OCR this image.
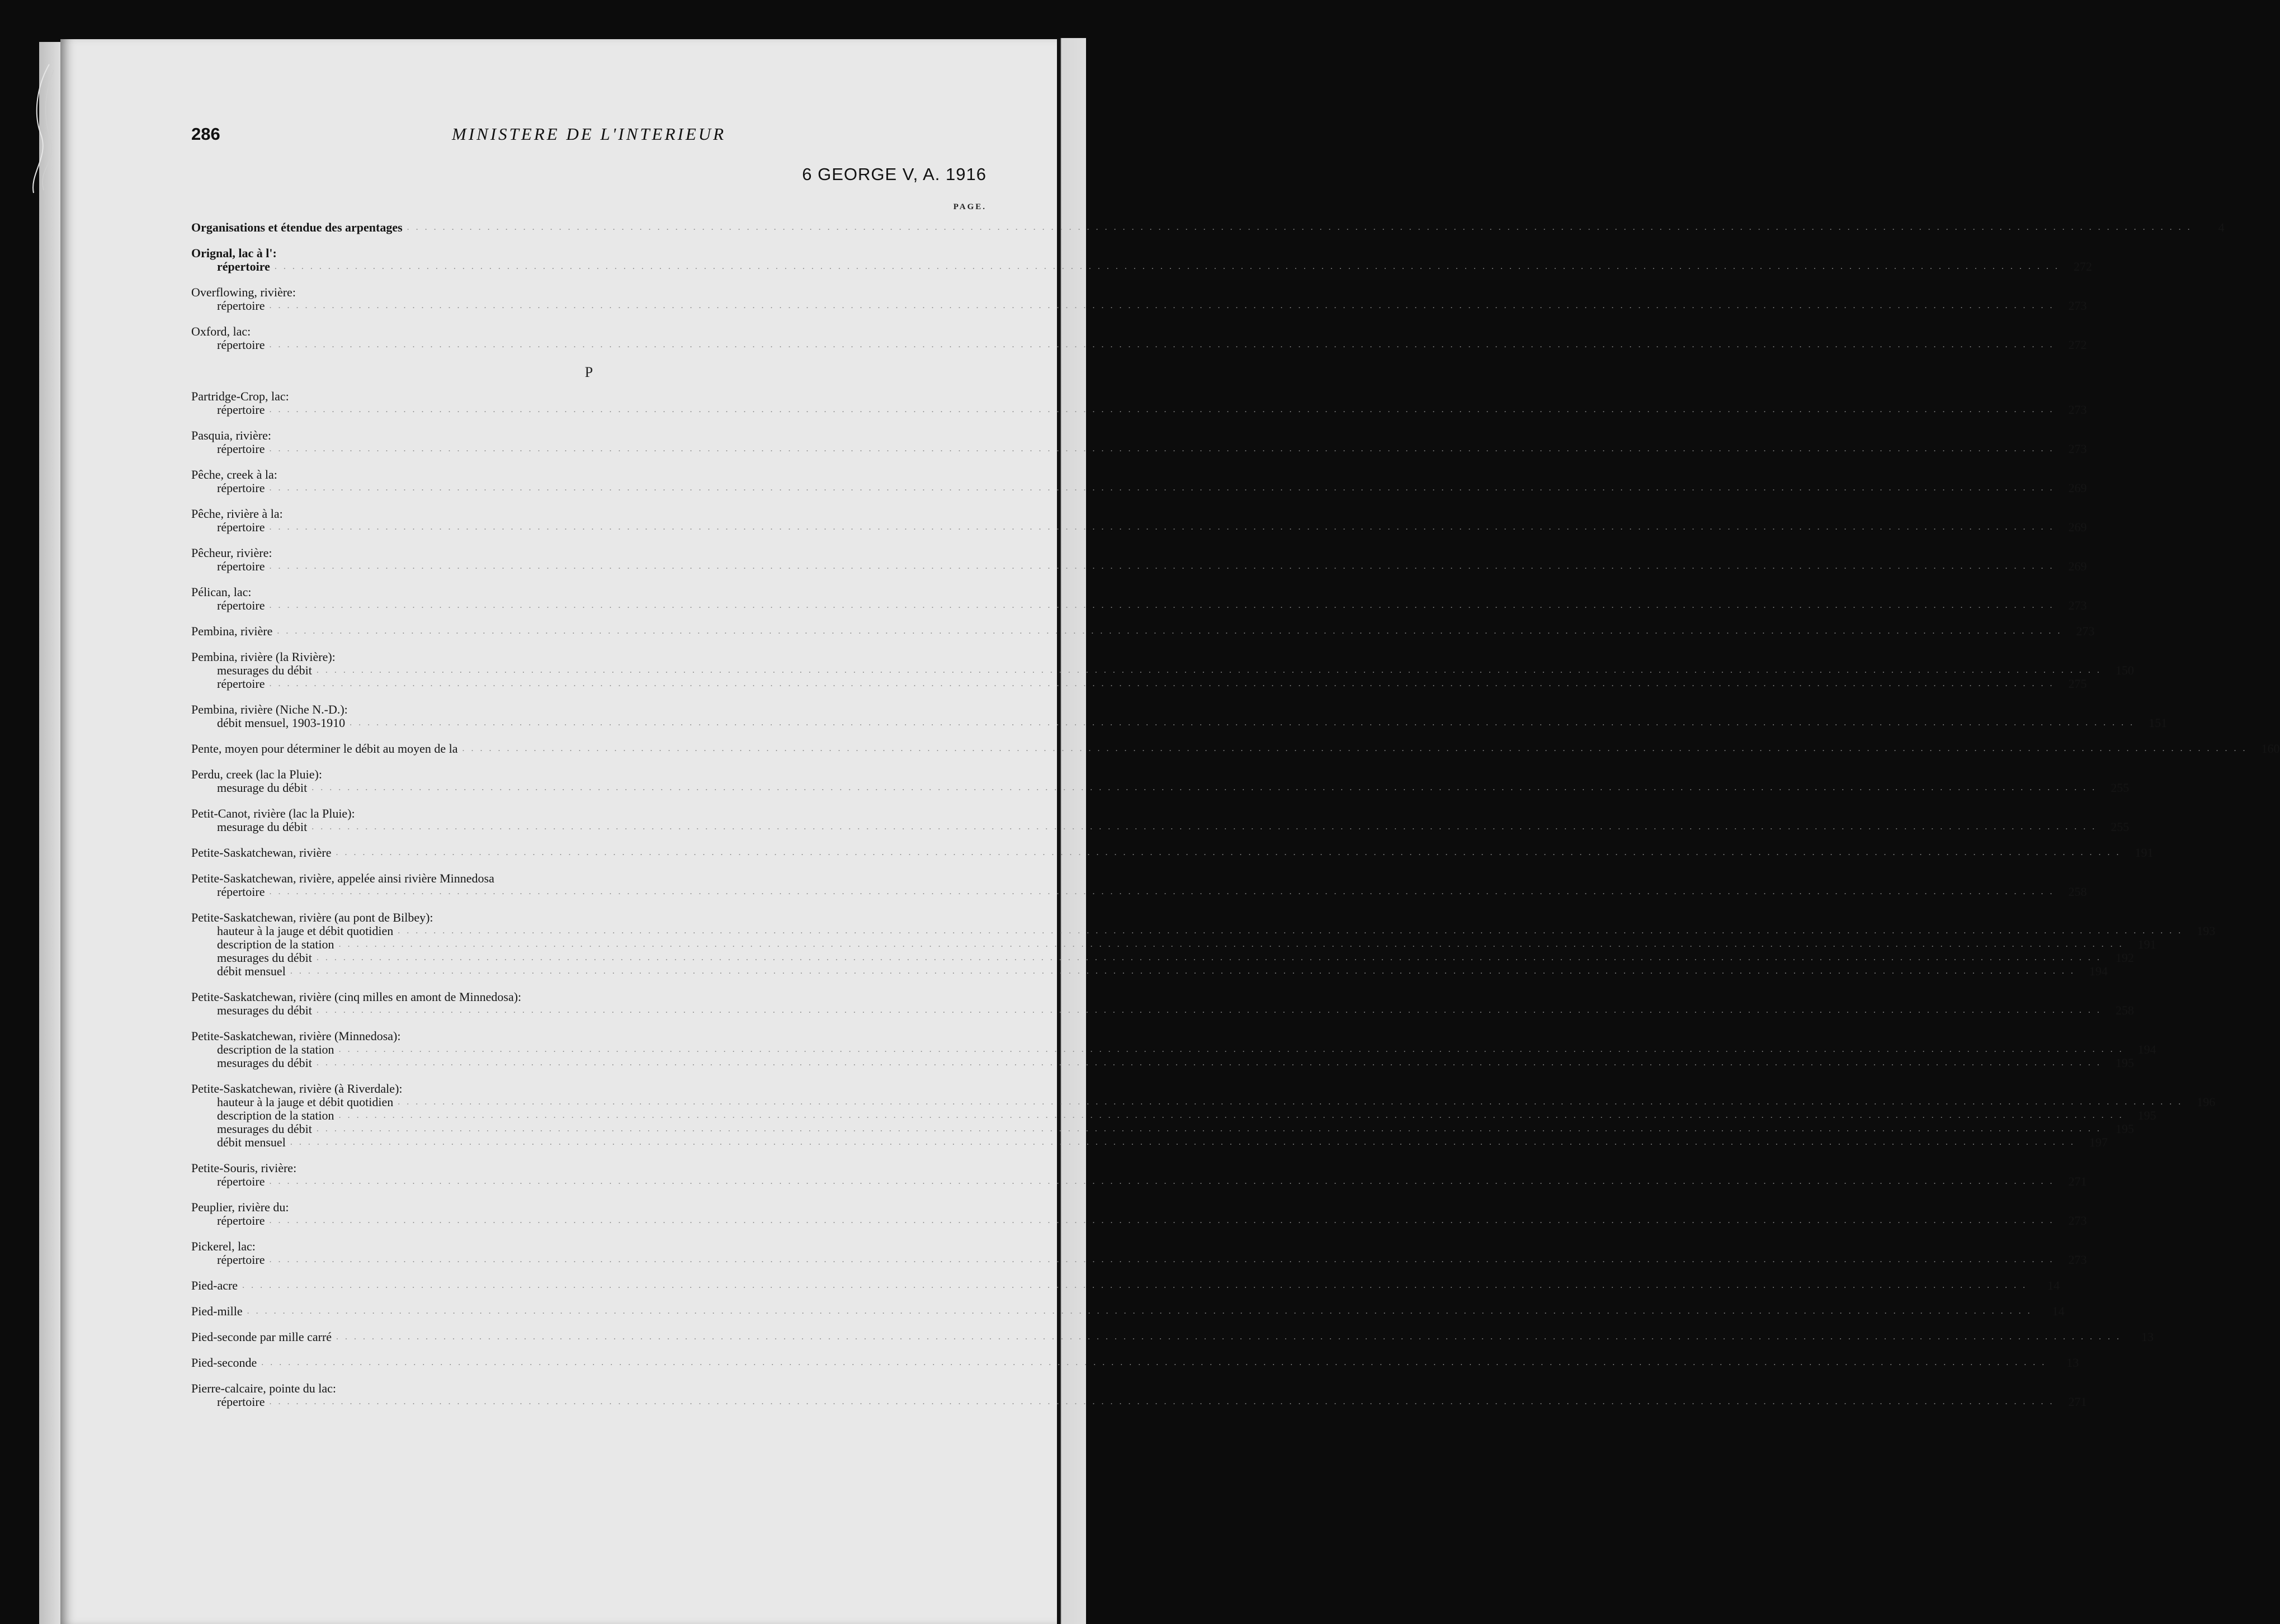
286	MINISTERE DE L'INTERIEUR
6 GEORGE V, A. 1916
PAGE.
Organisations et étendue des arpentages . . . . . . . . . . . . . . . . . . . . . . . . . . . . . . . . . . . . . . . . . . . . . . . . . . . . . . . . . . . . . . . . . . . . . . . . . . . . . . . . . . . . . . . . . . . . . . . . . . . . . . . . . . . . . . . . . . . . . . . . . . . . . . . . . . . . . . . . . . . . . . . . . . . . . . . . . . . . . . . . . . . . . . . . . . . . . . . . . . . . . . . . . . . . . . . . . . . . . . . .	4
Orignal, lac à l':
répertoire . . . . . . . . . . . . . . . . . . . . . . . . . . . . . . . . . . . . . . . . . . . . . . . . . . . . . . . . . . . . . . . . . . . . . . . . . . . . . . . . . . . . . . . . . . . . . . . . . . . . . . . . . . . . . . . . . . . . . . . . . . . . . . . . . . . . . . . . . . . . . . . . . . . . . . . . . . . . . . . . . . . . . . . . . . . . . . . . . . . . . . . . . . . . . . . . . . . . . . . .	272
Overflowing, rivière:
répertoire . . . . . . . . . . . . . . . . . . . . . . . . . . . . . . . . . . . . . . . . . . . . . . . . . . . . . . . . . . . . . . . . . . . . . . . . . . . . . . . . . . . . . . . . . . . . . . . . . . . . . . . . . . . . . . . . . . . . . . . . . . . . . . . . . . . . . . . . . . . . . . . . . . . . . . . . . . . . . . . . . . . . . . . . . . . . . . . . . . . . . . . . . . . . . . . . . . . . . . . .	273
Oxford, lac:
répertoire . . . . . . . . . . . . . . . . . . . . . . . . . . . . . . . . . . . . . . . . . . . . . . . . . . . . . . . . . . . . . . . . . . . . . . . . . . . . . . . . . . . . . . . . . . . . . . . . . . . . . . . . . . . . . . . . . . . . . . . . . . . . . . . . . . . . . . . . . . . . . . . . . . . . . . . . . . . . . . . . . . . . . . . . . . . . . . . . . . . . . . . . . . . . . . . . . . . . . . . .	272
P
Partridge-Crop, lac:
répertoire . . . . . . . . . . . . . . . . . . . . . . . . . . . . . . . . . . . . . . . . . . . . . . . . . . . . . . . . . . . . . . . . . . . . . . . . . . . . . . . . . . . . . . . . . . . . . . . . . . . . . . . . . . . . . . . . . . . . . . . . . . . . . . . . . . . . . . . . . . . . . . . . . . . . . . . . . . . . . . . . . . . . . . . . . . . . . . . . . . . . . . . . . . . . . . . . . . . . . . . .	273
Pasquia, rivière:
répertoire . . . . . . . . . . . . . . . . . . . . . . . . . . . . . . . . . . . . . . . . . . . . . . . . . . . . . . . . . . . . . . . . . . . . . . . . . . . . . . . . . . . . . . . . . . . . . . . . . . . . . . . . . . . . . . . . . . . . . . . . . . . . . . . . . . . . . . . . . . . . . . . . . . . . . . . . . . . . . . . . . . . . . . . . . . . . . . . . . . . . . . . . . . . . . . . . . . . . . . . .	273
Pêche, creek à la:
répertoire . . . . . . . . . . . . . . . . . . . . . . . . . . . . . . . . . . . . . . . . . . . . . . . . . . . . . . . . . . . . . . . . . . . . . . . . . . . . . . . . . . . . . . . . . . . . . . . . . . . . . . . . . . . . . . . . . . . . . . . . . . . . . . . . . . . . . . . . . . . . . . . . . . . . . . . . . . . . . . . . . . . . . . . . . . . . . . . . . . . . . . . . . . . . . . . . . . . . . . . .	269
Pêche, rivière à la:
répertoire . . . . . . . . . . . . . . . . . . . . . . . . . . . . . . . . . . . . . . . . . . . . . . . . . . . . . . . . . . . . . . . . . . . . . . . . . . . . . . . . . . . . . . . . . . . . . . . . . . . . . . . . . . . . . . . . . . . . . . . . . . . . . . . . . . . . . . . . . . . . . . . . . . . . . . . . . . . . . . . . . . . . . . . . . . . . . . . . . . . . . . . . . . . . . . . . . . . . . . . .	269
Pêcheur, rivière:
répertoire . . . . . . . . . . . . . . . . . . . . . . . . . . . . . . . . . . . . . . . . . . . . . . . . . . . . . . . . . . . . . . . . . . . . . . . . . . . . . . . . . . . . . . . . . . . . . . . . . . . . . . . . . . . . . . . . . . . . . . . . . . . . . . . . . . . . . . . . . . . . . . . . . . . . . . . . . . . . . . . . . . . . . . . . . . . . . . . . . . . . . . . . . . . . . . . . . . . . . . . .	269
Pélican, lac:
répertoire . . . . . . . . . . . . . . . . . . . . . . . . . . . . . . . . . . . . . . . . . . . . . . . . . . . . . . . . . . . . . . . . . . . . . . . . . . . . . . . . . . . . . . . . . . . . . . . . . . . . . . . . . . . . . . . . . . . . . . . . . . . . . . . . . . . . . . . . . . . . . . . . . . . . . . . . . . . . . . . . . . . . . . . . . . . . . . . . . . . . . . . . . . . . . . . . . . . . . . . .	273
Pembina, rivière . . . . . . . . . . . . . . . . . . . . . . . . . . . . . . . . . . . . . . . . . . . . . . . . . . . . . . . . . . . . . . . . . . . . . . . . . . . . . . . . . . . . . . . . . . . . . . . . . . . . . . . . . . . . . . . . . . . . . . . . . . . . . . . . . . . . . . . . . . . . . . . . . . . . . . . . . . . . . . . . . . . . . . . . . . . . . . . . . . . . . . . . . . . . . . . . . . . . . . . .	273
Pembina, rivière (la Rivière):
mesurages du débit . . . . . . . . . . . . . . . . . . . . . . . . . . . . . . . . . . . . . . . . . . . . . . . . . . . . . . . . . . . . . . . . . . . . . . . . . . . . . . . . . . . . . . . . . . . . . . . . . . . . . . . . . . . . . . . . . . . . . . . . . . . . . . . . . . . . . . . . . . . . . . . . . . . . . . . . . . . . . . . . . . . . . . . . . . . . . . . . . . . . . . . . . . . . . . . . . . . . . . . .	150
répertoire . . . . . . . . . . . . . . . . . . . . . . . . . . . . . . . . . . . . . . . . . . . . . . . . . . . . . . . . . . . . . . . . . . . . . . . . . . . . . . . . . . . . . . . . . . . . . . . . . . . . . . . . . . . . . . . . . . . . . . . . . . . . . . . . . . . . . . . . . . . . . . . . . . . . . . . . . . . . . . . . . . . . . . . . . . . . . . . . . . . . . . . . . . . . . . . . . . . . . . . .	275
Pembina, rivière (Niche N.-D.):
débit mensuel, 1903-1910 . . . . . . . . . . . . . . . . . . . . . . . . . . . . . . . . . . . . . . . . . . . . . . . . . . . . . . . . . . . . . . . . . . . . . . . . . . . . . . . . . . . . . . . . . . . . . . . . . . . . . . . . . . . . . . . . . . . . . . . . . . . . . . . . . . . . . . . . . . . . . . . . . . . . . . . . . . . . . . . . . . . . . . . . . . . . . . . . . . . . . . . . . . . . . . . . . . . . . . . .	151
Pente, moyen pour déterminer le débit au moyen de la . . . . . . . . . . . . . . . . . . . . . . . . . . . . . . . . . . . . . . . . . . . . . . . . . . . . . . . . . . . . . . . . . . . . . . . . . . . . . . . . . . . . . . . . . . . . . . . . . . . . . . . . . . . . . . . . . . . . . . . . . . . . . . . . . . . . . . . . . . . . . . . . . . . . . . . . . . . . . . . . . . . . . . . . . . . . . . . . . . . . . . . . . . . . . . . . . . . . . . . .	160
Perdu, creek (lac la Pluie):
mesurage du débit . . . . . . . . . . . . . . . . . . . . . . . . . . . . . . . . . . . . . . . . . . . . . . . . . . . . . . . . . . . . . . . . . . . . . . . . . . . . . . . . . . . . . . . . . . . . . . . . . . . . . . . . . . . . . . . . . . . . . . . . . . . . . . . . . . . . . . . . . . . . . . . . . . . . . . . . . . . . . . . . . . . . . . . . . . . . . . . . . . . . . . . . . . . . . . . . . . . . . . . .	255
Petit-Canot, rivière (lac la Pluie):
mesurage du débit . . . . . . . . . . . . . . . . . . . . . . . . . . . . . . . . . . . . . . . . . . . . . . . . . . . . . . . . . . . . . . . . . . . . . . . . . . . . . . . . . . . . . . . . . . . . . . . . . . . . . . . . . . . . . . . . . . . . . . . . . . . . . . . . . . . . . . . . . . . . . . . . . . . . . . . . . . . . . . . . . . . . . . . . . . . . . . . . . . . . . . . . . . . . . . . . . . . . . . . .	255
Petite-Saskatchewan, rivière . . . . . . . . . . . . . . . . . . . . . . . . . . . . . . . . . . . . . . . . . . . . . . . . . . . . . . . . . . . . . . . . . . . . . . . . . . . . . . . . . . . . . . . . . . . . . . . . . . . . . . . . . . . . . . . . . . . . . . . . . . . . . . . . . . . . . . . . . . . . . . . . . . . . . . . . . . . . . . . . . . . . . . . . . . . . . . . . . . . . . . . . . . . . . . . . . . . . . . . .	191
Petite-Saskatchewan, rivière, appelée ainsi rivière Minnedosa
répertoire . . . . . . . . . . . . . . . . . . . . . . . . . . . . . . . . . . . . . . . . . . . . . . . . . . . . . . . . . . . . . . . . . . . . . . . . . . . . . . . . . . . . . . . . . . . . . . . . . . . . . . . . . . . . . . . . . . . . . . . . . . . . . . . . . . . . . . . . . . . . . . . . . . . . . . . . . . . . . . . . . . . . . . . . . . . . . . . . . . . . . . . . . . . . . . . . . . . . . . . .	258
Petite-Saskatchewan, rivière (au pont de Bilbey):
hauteur à la jauge et débit quotidien . . . . . . . . . . . . . . . . . . . . . . . . . . . . . . . . . . . . . . . . . . . . . . . . . . . . . . . . . . . . . . . . . . . . . . . . . . . . . . . . . . . . . . . . . . . . . . . . . . . . . . . . . . . . . . . . . . . . . . . . . . . . . . . . . . . . . . . . . . . . . . . . . . . . . . . . . . . . . . . . . . . . . . . . . . . . . . . . . . . . . . . . . . . . . . . . . . . . . . . .	193
description de la station . . . . . . . . . . . . . . . . . . . . . . . . . . . . . . . . . . . . . . . . . . . . . . . . . . . . . . . . . . . . . . . . . . . . . . . . . . . . . . . . . . . . . . . . . . . . . . . . . . . . . . . . . . . . . . . . . . . . . . . . . . . . . . . . . . . . . . . . . . . . . . . . . . . . . . . . . . . . . . . . . . . . . . . . . . . . . . . . . . . . . . . . . . . . . . . . . . . . . . . .	191
mesurages du débit . . . . . . . . . . . . . . . . . . . . . . . . . . . . . . . . . . . . . . . . . . . . . . . . . . . . . . . . . . . . . . . . . . . . . . . . . . . . . . . . . . . . . . . . . . . . . . . . . . . . . . . . . . . . . . . . . . . . . . . . . . . . . . . . . . . . . . . . . . . . . . . . . . . . . . . . . . . . . . . . . . . . . . . . . . . . . . . . . . . . . . . . . . . . . . . . . . . . . . . .	192
débit mensuel . . . . . . . . . . . . . . . . . . . . . . . . . . . . . . . . . . . . . . . . . . . . . . . . . . . . . . . . . . . . . . . . . . . . . . . . . . . . . . . . . . . . . . . . . . . . . . . . . . . . . . . . . . . . . . . . . . . . . . . . . . . . . . . . . . . . . . . . . . . . . . . . . . . . . . . . . . . . . . . . . . . . . . . . . . . . . . . . . . . . . . . . . . . . . . . . . . . . . . . .	194
Petite-Saskatchewan, rivière (cinq milles en amont de Minnedosa):
mesurages du débit . . . . . . . . . . . . . . . . . . . . . . . . . . . . . . . . . . . . . . . . . . . . . . . . . . . . . . . . . . . . . . . . . . . . . . . . . . . . . . . . . . . . . . . . . . . . . . . . . . . . . . . . . . . . . . . . . . . . . . . . . . . . . . . . . . . . . . . . . . . . . . . . . . . . . . . . . . . . . . . . . . . . . . . . . . . . . . . . . . . . . . . . . . . . . . . . . . . . . . . .	258
Petite-Saskatchewan, rivière (Minnedosa):
description de la station . . . . . . . . . . . . . . . . . . . . . . . . . . . . . . . . . . . . . . . . . . . . . . . . . . . . . . . . . . . . . . . . . . . . . . . . . . . . . . . . . . . . . . . . . . . . . . . . . . . . . . . . . . . . . . . . . . . . . . . . . . . . . . . . . . . . . . . . . . . . . . . . . . . . . . . . . . . . . . . . . . . . . . . . . . . . . . . . . . . . . . . . . . . . . . . . . . . . . . . .	194
mesurages du débit . . . . . . . . . . . . . . . . . . . . . . . . . . . . . . . . . . . . . . . . . . . . . . . . . . . . . . . . . . . . . . . . . . . . . . . . . . . . . . . . . . . . . . . . . . . . . . . . . . . . . . . . . . . . . . . . . . . . . . . . . . . . . . . . . . . . . . . . . . . . . . . . . . . . . . . . . . . . . . . . . . . . . . . . . . . . . . . . . . . . . . . . . . . . . . . . . . . . . . . .	195
Petite-Saskatchewan, rivière (à Riverdale):
hauteur à la jauge et débit quotidien . . . . . . . . . . . . . . . . . . . . . . . . . . . . . . . . . . . . . . . . . . . . . . . . . . . . . . . . . . . . . . . . . . . . . . . . . . . . . . . . . . . . . . . . . . . . . . . . . . . . . . . . . . . . . . . . . . . . . . . . . . . . . . . . . . . . . . . . . . . . . . . . . . . . . . . . . . . . . . . . . . . . . . . . . . . . . . . . . . . . . . . . . . . . . . . . . . . . . . . .	196
description de la station . . . . . . . . . . . . . . . . . . . . . . . . . . . . . . . . . . . . . . . . . . . . . . . . . . . . . . . . . . . . . . . . . . . . . . . . . . . . . . . . . . . . . . . . . . . . . . . . . . . . . . . . . . . . . . . . . . . . . . . . . . . . . . . . . . . . . . . . . . . . . . . . . . . . . . . . . . . . . . . . . . . . . . . . . . . . . . . . . . . . . . . . . . . . . . . . . . . . . . . .	195
mesurages du débit . . . . . . . . . . . . . . . . . . . . . . . . . . . . . . . . . . . . . . . . . . . . . . . . . . . . . . . . . . . . . . . . . . . . . . . . . . . . . . . . . . . . . . . . . . . . . . . . . . . . . . . . . . . . . . . . . . . . . . . . . . . . . . . . . . . . . . . . . . . . . . . . . . . . . . . . . . . . . . . . . . . . . . . . . . . . . . . . . . . . . . . . . . . . . . . . . . . . . . . .	195
débit mensuel . . . . . . . . . . . . . . . . . . . . . . . . . . . . . . . . . . . . . . . . . . . . . . . . . . . . . . . . . . . . . . . . . . . . . . . . . . . . . . . . . . . . . . . . . . . . . . . . . . . . . . . . . . . . . . . . . . . . . . . . . . . . . . . . . . . . . . . . . . . . . . . . . . . . . . . . . . . . . . . . . . . . . . . . . . . . . . . . . . . . . . . . . . . . . . . . . . . . . . . .	197
Petite-Souris, rivière:
répertoire . . . . . . . . . . . . . . . . . . . . . . . . . . . . . . . . . . . . . . . . . . . . . . . . . . . . . . . . . . . . . . . . . . . . . . . . . . . . . . . . . . . . . . . . . . . . . . . . . . . . . . . . . . . . . . . . . . . . . . . . . . . . . . . . . . . . . . . . . . . . . . . . . . . . . . . . . . . . . . . . . . . . . . . . . . . . . . . . . . . . . . . . . . . . . . . . . . . . . . . .	271
Peuplier, rivière du:
répertoire . . . . . . . . . . . . . . . . . . . . . . . . . . . . . . . . . . . . . . . . . . . . . . . . . . . . . . . . . . . . . . . . . . . . . . . . . . . . . . . . . . . . . . . . . . . . . . . . . . . . . . . . . . . . . . . . . . . . . . . . . . . . . . . . . . . . . . . . . . . . . . . . . . . . . . . . . . . . . . . . . . . . . . . . . . . . . . . . . . . . . . . . . . . . . . . . . . . . . . . .	273
Pickerel, lac:
répertoire . . . . . . . . . . . . . . . . . . . . . . . . . . . . . . . . . . . . . . . . . . . . . . . . . . . . . . . . . . . . . . . . . . . . . . . . . . . . . . . . . . . . . . . . . . . . . . . . . . . . . . . . . . . . . . . . . . . . . . . . . . . . . . . . . . . . . . . . . . . . . . . . . . . . . . . . . . . . . . . . . . . . . . . . . . . . . . . . . . . . . . . . . . . . . . . . . . . . . . . .	273
Pied-acre . . . . . . . . . . . . . . . . . . . . . . . . . . . . . . . . . . . . . . . . . . . . . . . . . . . . . . . . . . . . . . . . . . . . . . . . . . . . . . . . . . . . . . . . . . . . . . . . . . . . . . . . . . . . . . . . . . . . . . . . . . . . . . . . . . . . . . . . . . . . . . . . . . . . . . . . . . . . . . . . . . . . . . . . . . . . . . . . . . . . . . . . . . . . . . . . . . . . . . . .	14
Pied-mille . . . . . . . . . . . . . . . . . . . . . . . . . . . . . . . . . . . . . . . . . . . . . . . . . . . . . . . . . . . . . . . . . . . . . . . . . . . . . . . . . . . . . . . . . . . . . . . . . . . . . . . . . . . . . . . . . . . . . . . . . . . . . . . . . . . . . . . . . . . . . . . . . . . . . . . . . . . . . . . . . . . . . . . . . . . . . . . . . . . . . . . . . . . . . . . . . . . . . . . .	14
Pied-seconde par mille carré . . . . . . . . . . . . . . . . . . . . . . . . . . . . . . . . . . . . . . . . . . . . . . . . . . . . . . . . . . . . . . . . . . . . . . . . . . . . . . . . . . . . . . . . . . . . . . . . . . . . . . . . . . . . . . . . . . . . . . . . . . . . . . . . . . . . . . . . . . . . . . . . . . . . . . . . . . . . . . . . . . . . . . . . . . . . . . . . . . . . . . . . . . . . . . . . . . . . . . . .	13
Pied-seconde . . . . . . . . . . . . . . . . . . . . . . . . . . . . . . . . . . . . . . . . . . . . . . . . . . . . . . . . . . . . . . . . . . . . . . . . . . . . . . . . . . . . . . . . . . . . . . . . . . . . . . . . . . . . . . . . . . . . . . . . . . . . . . . . . . . . . . . . . . . . . . . . . . . . . . . . . . . . . . . . . . . . . . . . . . . . . . . . . . . . . . . . . . . . . . . . . . . . . . . .	13
Pierre-calcaire, pointe du lac:
répertoire . . . . . . . . . . . . . . . . . . . . . . . . . . . . . . . . . . . . . . . . . . . . . . . . . . . . . . . . . . . . . . . . . . . . . . . . . . . . . . . . . . . . . . . . . . . . . . . . . . . . . . . . . . . . . . . . . . . . . . . . . . . . . . . . . . . . . . . . . . . . . . . . . . . . . . . . . . . . . . . . . . . . . . . . . . . . . . . . . . . . . . . . . . . . . . . . . . . . . . . .	271
